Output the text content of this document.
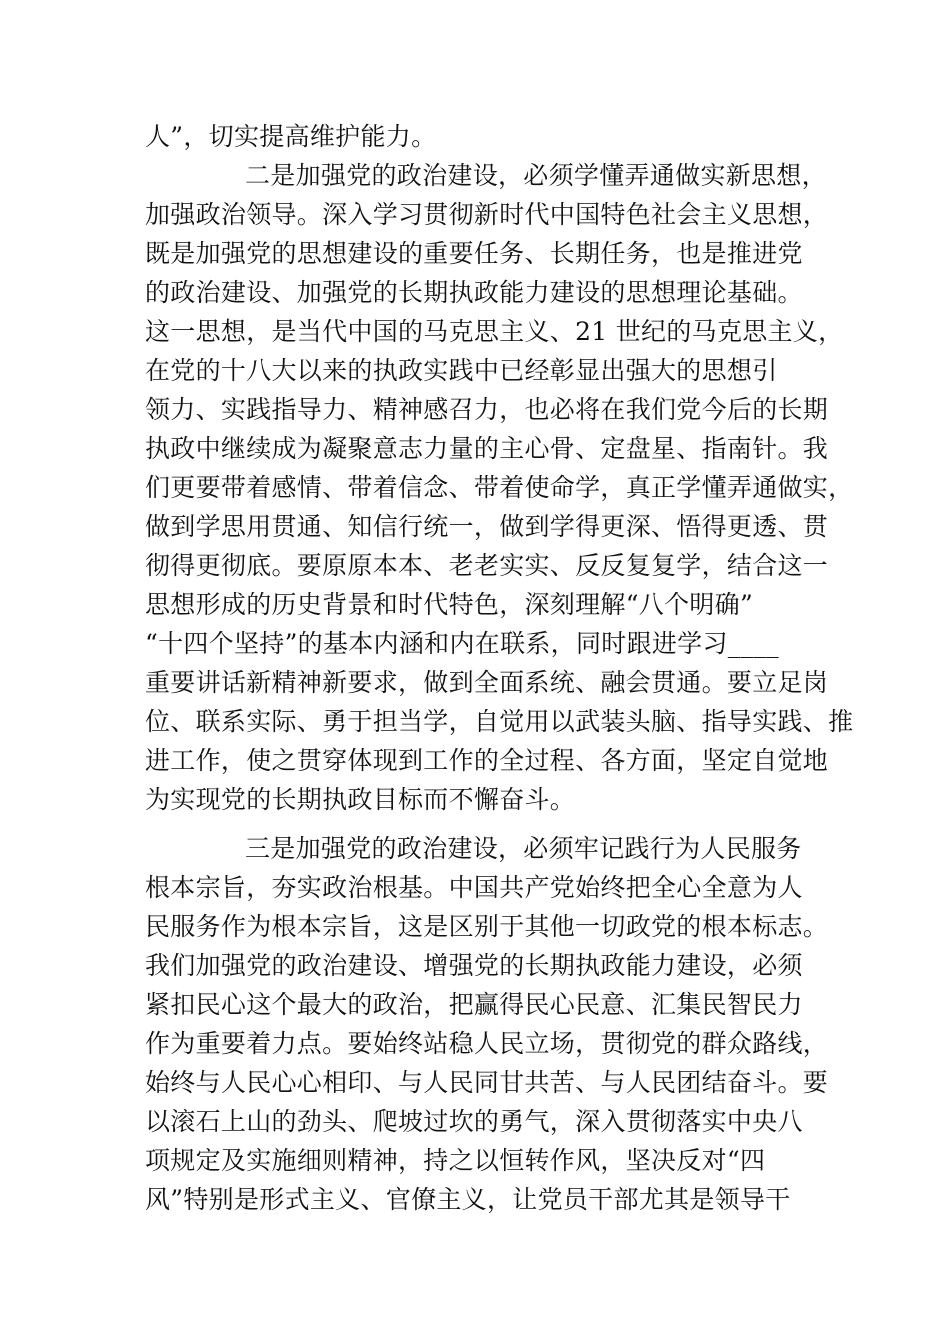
人”，切实提高维护能力。
二是加强党的政治建设，必须学懂弄通做实新思想，
加强政治领导。深入学习贯彻新时代中国特色社会主义思想，
既是加强党的思想建设的重要任务、长期任务，也是推进党
的政治建设、加强党的长期执政能力建设的思想理论基础。
这一思想，是当代中国的马克思主义、21 世纪的马克思主义，
在党的十八大以来的执政实践中已经彰显出强大的思想引
领力、实践指导力、精神感召力，也必将在我们党今后的长期
执政中继续成为凝聚意志力量的主心骨、定盘星、指南针。我
们更要带着感情、带着信念、带着使命学，真正学懂弄通做实，
做到学思用贯通、知信行统一，做到学得更深、悟得更透、贯
彻得更彻底。要原原本本、老老实实、反反复复学，结合这一
思想形成的历史背景和时代特色，深刻理解“八个明确”
“十四个坚持”的基本内涵和内在联系，同时跟进学习____
重要讲话新精神新要求，做到全面系统、融会贯通。要立足岗
位、联系实际、勇于担当学，自觉用以武装头脑、指导实践、推
进工作，使之贯穿体现到工作的全过程、各方面，坚定自觉地
为实现党的长期执政目标而不懈奋斗。
三是加强党的政治建设，必须牢记践行为人民服务
根本宗旨，夯实政治根基。中国共产党始终把全心全意为人
民服务作为根本宗旨，这是区别于其他一切政党的根本标志。
我们加强党的政治建设、增强党的长期执政能力建设，必须
紧扣民心这个最大的政治，把赢得民心民意、汇集民智民力
作为重要着力点。要始终站稳人民立场，贯彻党的群众路线，
始终与人民心心相印、与人民同甘共苦、与人民团结奋斗。要
以滚石上山的劲头、爬坡过坎的勇气，深入贯彻落实中央八
项规定及实施细则精神，持之以恒转作风，坚决反对“四
风”特别是形式主义、官僚主义，让党员干部尤其是领导干
